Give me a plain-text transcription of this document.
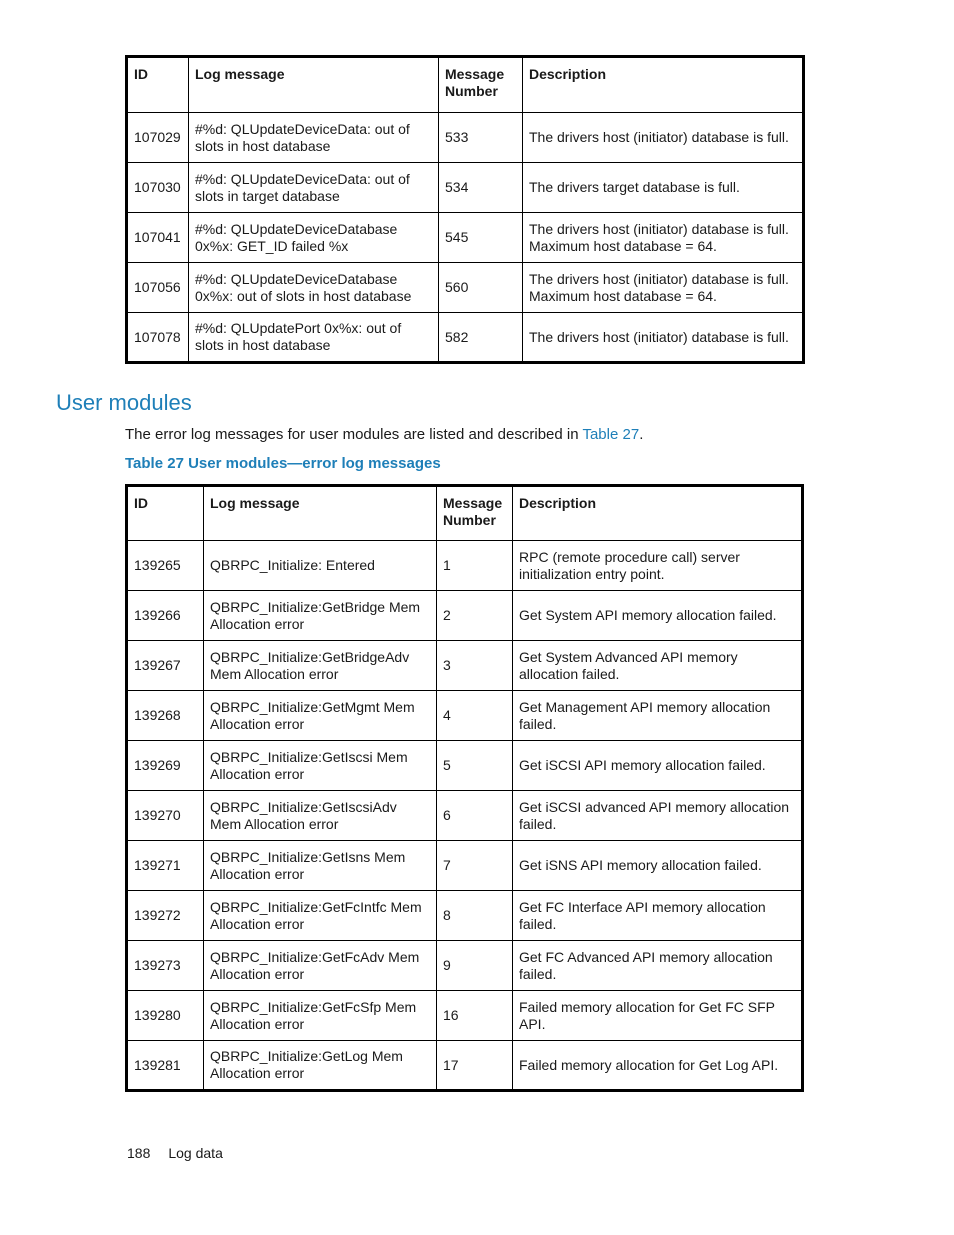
ID	Log message	Message Number	Description
107029	#%d: QLUpdateDeviceData: out of slots in host database	533	The drivers host (initiator) database is full.
107030	#%d: QLUpdateDeviceData: out of slots in target database	534	The drivers target database is full.
107041	#%d: QLUpdateDeviceDatabase 0x%x: GET_ID failed %x	545	The drivers host (initiator) database is full. Maximum host database = 64.
107056	#%d: QLUpdateDeviceDatabase 0x%x: out of slots in host database	560	The drivers host (initiator) database is full. Maximum host database = 64.
107078	#%d: QLUpdatePort 0x%x: out of slots in host database	582	The drivers host (initiator) database is full.
User modules

The error log messages for user modules are listed and described in Table 27.

Table 27 User modules—error log messages

ID	Log message	Message Number	Description
139265	QBRPC_Initialize: Entered	1	RPC (remote procedure call) server initialization entry point.
139266	QBRPC_Initialize:GetBridge Mem Allocation error	2	Get System API memory allocation failed.
139267	QBRPC_Initialize:GetBridgeAdv Mem Allocation error	3	Get System Advanced API memory allocation failed.
139268	QBRPC_Initialize:GetMgmt Mem Allocation error	4	Get Management API memory allocation failed.
139269	QBRPC_Initialize:GetIscsi Mem Allocation error	5	Get iSCSI API memory allocation failed.
139270	QBRPC_Initialize:GetIscsiAdv Mem Allocation error	6	Get iSCSI advanced API memory allocation failed.
139271	QBRPC_Initialize:GetIsns Mem Allocation error	7	Get iSNS API memory allocation failed.
139272	QBRPC_Initialize:GetFcIntfc Mem Allocation error	8	Get FC Interface API memory allocation failed.
139273	QBRPC_Initialize:GetFcAdv Mem Allocation error	9	Get FC Advanced API memory allocation failed.
139280	QBRPC_Initialize:GetFcSfp Mem Allocation error	16	Failed memory allocation for Get FC SFP API.
139281	QBRPC_Initialize:GetLog Mem Allocation error	17	Failed memory allocation for Get Log API.
188 Log data
